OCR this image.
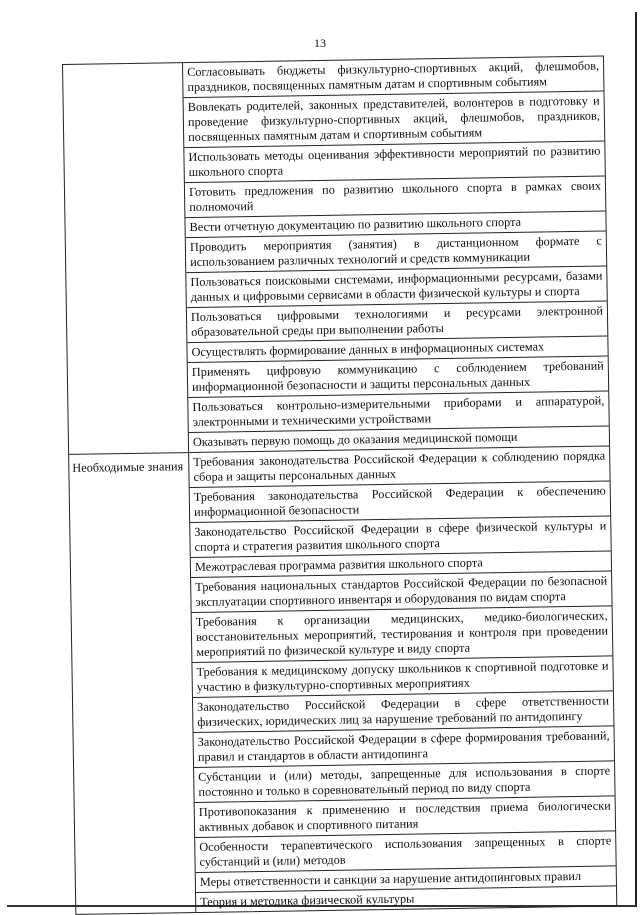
13
Необходимые знания
Согласовывать бюджеты физкультурно-спортивных акций, флешмобов, праздников, посвященных памятным датам и спортивным событиям
Вовлекать родителей, законных представителей, волонтеров в подготовку и проведение физкультурно-спортивных акций, флешмобов, праздников, посвященных памятным датам и спортивным событиям
Использовать методы оценивания эффективности мероприятий по развитию школьного спорта
Готовить предложения по развитию школьного спорта в рамках своих полномочий
Вести отчетную документацию по развитию школьного спорта
Проводить мероприятия (занятия) в дистанционном формате с использованием различных технологий и средств коммуникации
Пользоваться поисковыми системами, информационными ресурсами, базами данных и цифровыми сервисами в области физической культуры и спорта
Пользоваться цифровыми технологиями и ресурсами электронной образовательной среды при выполнении работы
Осуществлять формирование данных в информационных системах
Применять цифровую коммуникацию с соблюдением требований информационной безопасности и защиты персональных данных
Пользоваться контрольно-измерительными приборами и аппаратурой, электронными и техническими устройствами
Оказывать первую помощь до оказания медицинской помощи
Требования законодательства Российской Федерации к соблюдению порядка сбора и защиты персональных данных
Требования законодательства Российской Федерации к обеспечению информационной безопасности
Законодательство Российской Федерации в сфере физической культуры и спорта и стратегия развития школьного спорта
Межотраслевая программа развития школьного спорта
Требования национальных стандартов Российской Федерации по безопасной эксплуатации спортивного инвентаря и оборудования по видам спорта
Требования к организации медицинских, медико-биологических, восстановительных мероприятий, тестирования и контроля при проведении мероприятий по физической культуре и виду спорта
Требования к медицинскому допуску школьников к спортивной подготовке и участию в физкультурно-спортивных мероприятиях
Законодательство Российской Федерации в сфере ответственности физических, юридических лиц за нарушение требований по антидопингу
Законодательство Российской Федерации в сфере формирования требований, правил и стандартов в области антидопинга
Субстанции и (или) методы, запрещенные для использования в спорте постоянно и только в соревновательный период по виду спорта
Противопоказания к применению и последствия приема биологически активных добавок и спортивного питания
Особенности терапевтического использования запрещенных в спорте субстанций и (или) методов
Меры ответственности и санкции за нарушение антидопинговых правил
Теория и методика физической культуры
